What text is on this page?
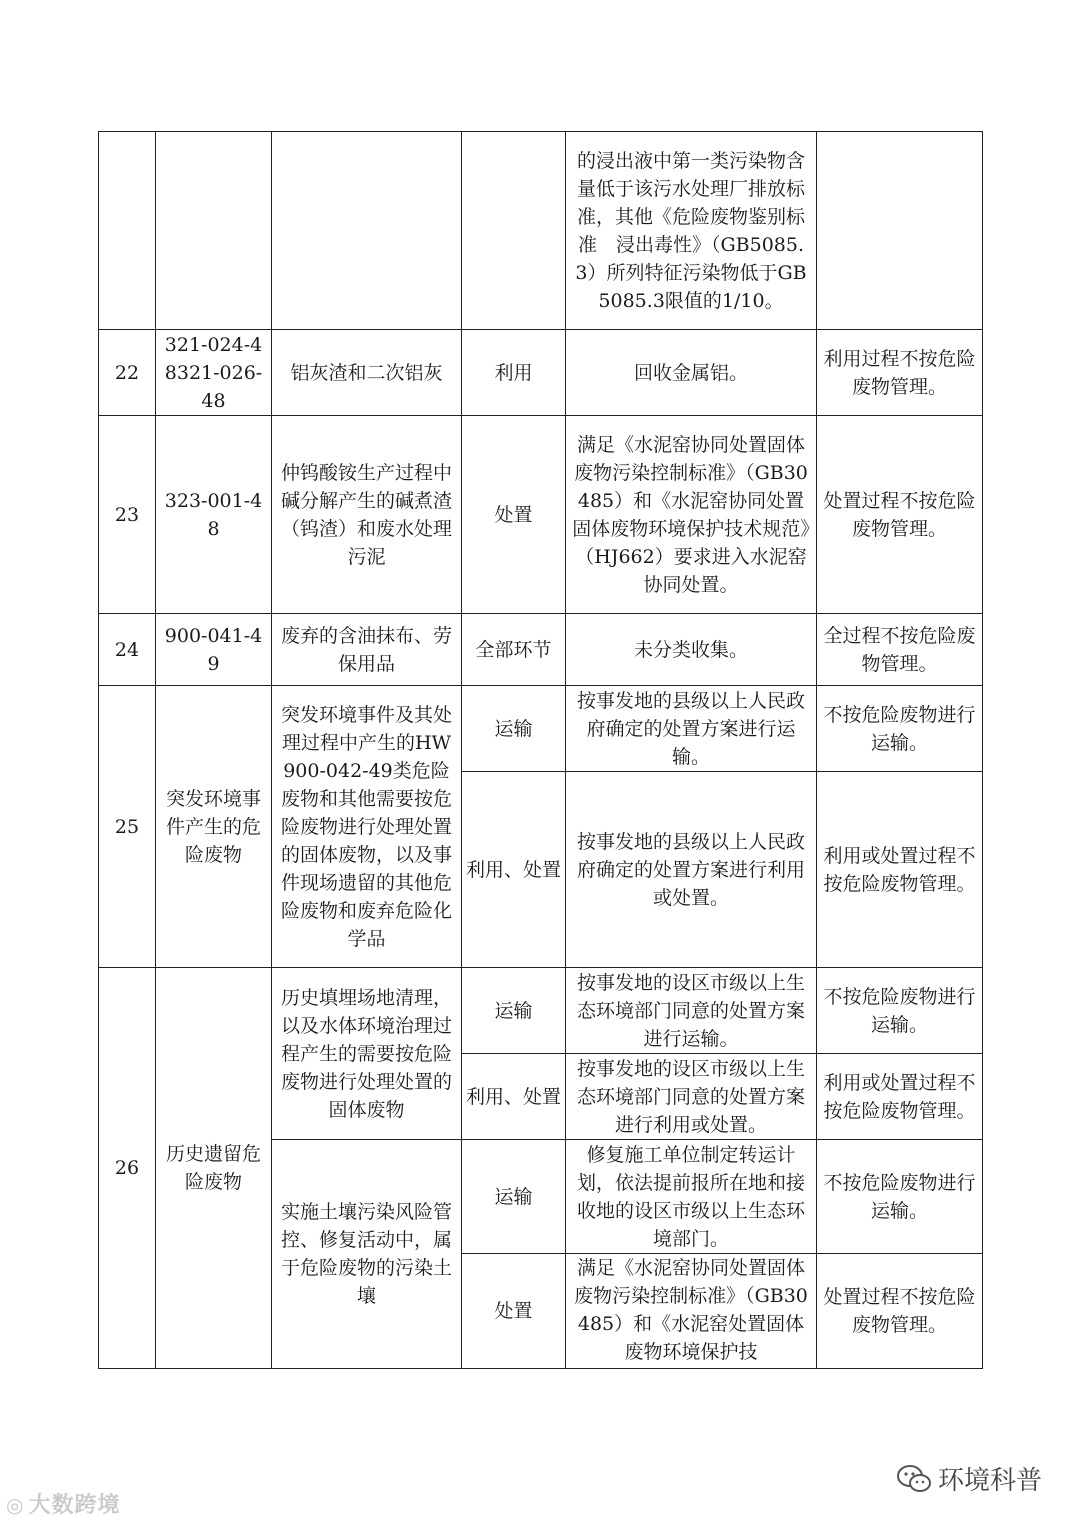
				的浸出液中第一类污染物含量低于该污水处理厂排放标准，其他《危险废物鉴别标准　浸出毒性》（GB5085.3）所列特征污染物低于GB5085.3限值的1/10。	
22	321-024-48321-026-48	铝灰渣和二次铝灰	利用	回收金属铝。	利用过程不按危险废物管理。
23	323-001-48	仲钨酸铵生产过程中碱分解产生的碱煮渣（钨渣）和废水处理污泥	处置	满足《水泥窑协同处置固体废物污染控制标准》（GB30485）和《水泥窑协同处置固体废物环境保护技术规范》（HJ662）要求进入水泥窑协同处置。	处置过程不按危险废物管理。
24	900-041-49	废弃的含油抹布、劳保用品	全部环节	未分类收集。	全过程不按危险废物管理。
25	突发环境事件产生的危险废物	突发环境事件及其处理过程中产生的HW900-042-49类危险废物和其他需要按危险废物进行处理处置的固体废物，以及事件现场遗留的其他危险废物和废弃危险化学品	运输	按事发地的县级以上人民政府确定的处置方案进行运输。	不按危险废物进行运输。
			利用、处置	按事发地的县级以上人民政府确定的处置方案进行利用或处置。	利用或处置过程不按危险废物管理。
26	历史遗留危险废物	历史填埋场地清理，以及水体环境治理过程产生的需要按危险废物进行处理处置的固体废物	运输	按事发地的设区市级以上生态环境部门同意的处置方案进行运输。	不按危险废物进行运输。
			利用、处置	按事发地的设区市级以上生态环境部门同意的处置方案进行利用或处置。	利用或处置过程不按危险废物管理。
		实施土壤污染风险管控、修复活动中，属于危险废物的污染土壤	运输	修复施工单位制定转运计划，依法提前报所在地和接收地的设区市级以上生态环境部门。	不按危险废物进行运输。
			处置	满足《水泥窑协同处置固体废物污染控制标准》（GB30485）和《水泥窑处置固体废物环境保护技	处置过程不按危险废物管理。
◎ 大数跨境
环境科普
